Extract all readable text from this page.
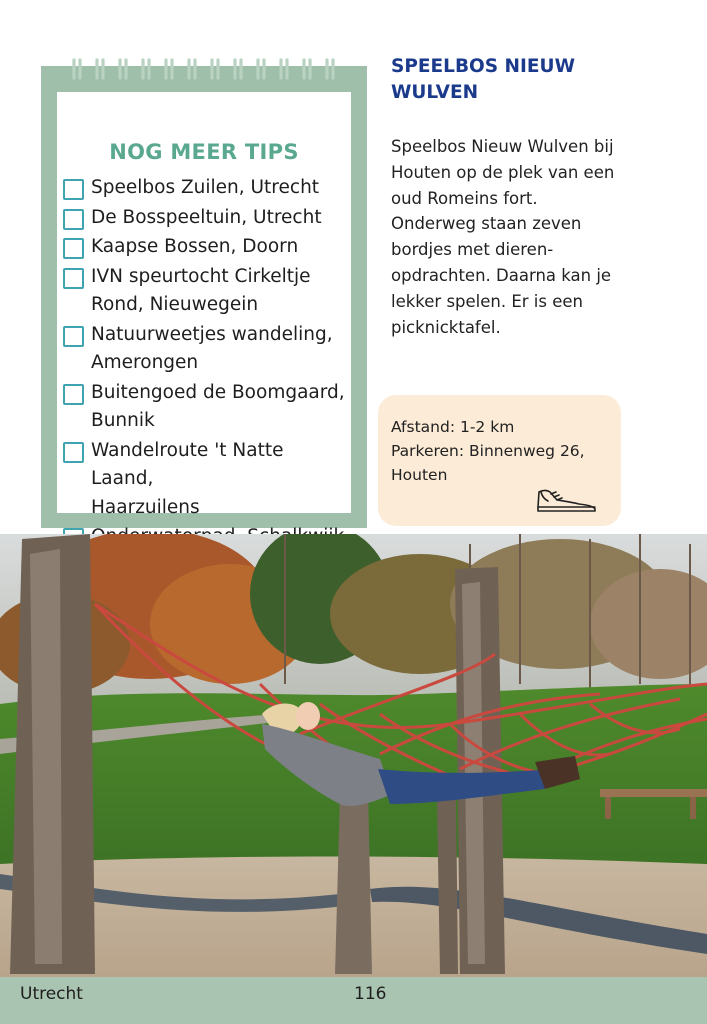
NOG MEER TIPS
Speelbos Zuilen, Utrecht
De Bosspeeltuin, Utrecht
Kaapse Bossen, Doorn
IVN speurtocht Cirkeltje
Rond, Nieuwegein
Natuurweetjes wandeling,
Amerongen
Buitengoed de Boomgaard,
Bunnik
Wandelroute 't Natte Laand,
Haarzuilens
SPEELBOS NIEUW
WULVEN
Speelbos Nieuw Wulven bij
Houten op de plek van een
oud Romeins fort.
Onderweg staan zeven
bordjes met dieren-
opdrachten. Daarna kan je
lekker spelen. Er is een
picknicktafel.
Afstand: 1-2 km
Parkeren: Binnenweg 26,
Houten
Utrecht	116
